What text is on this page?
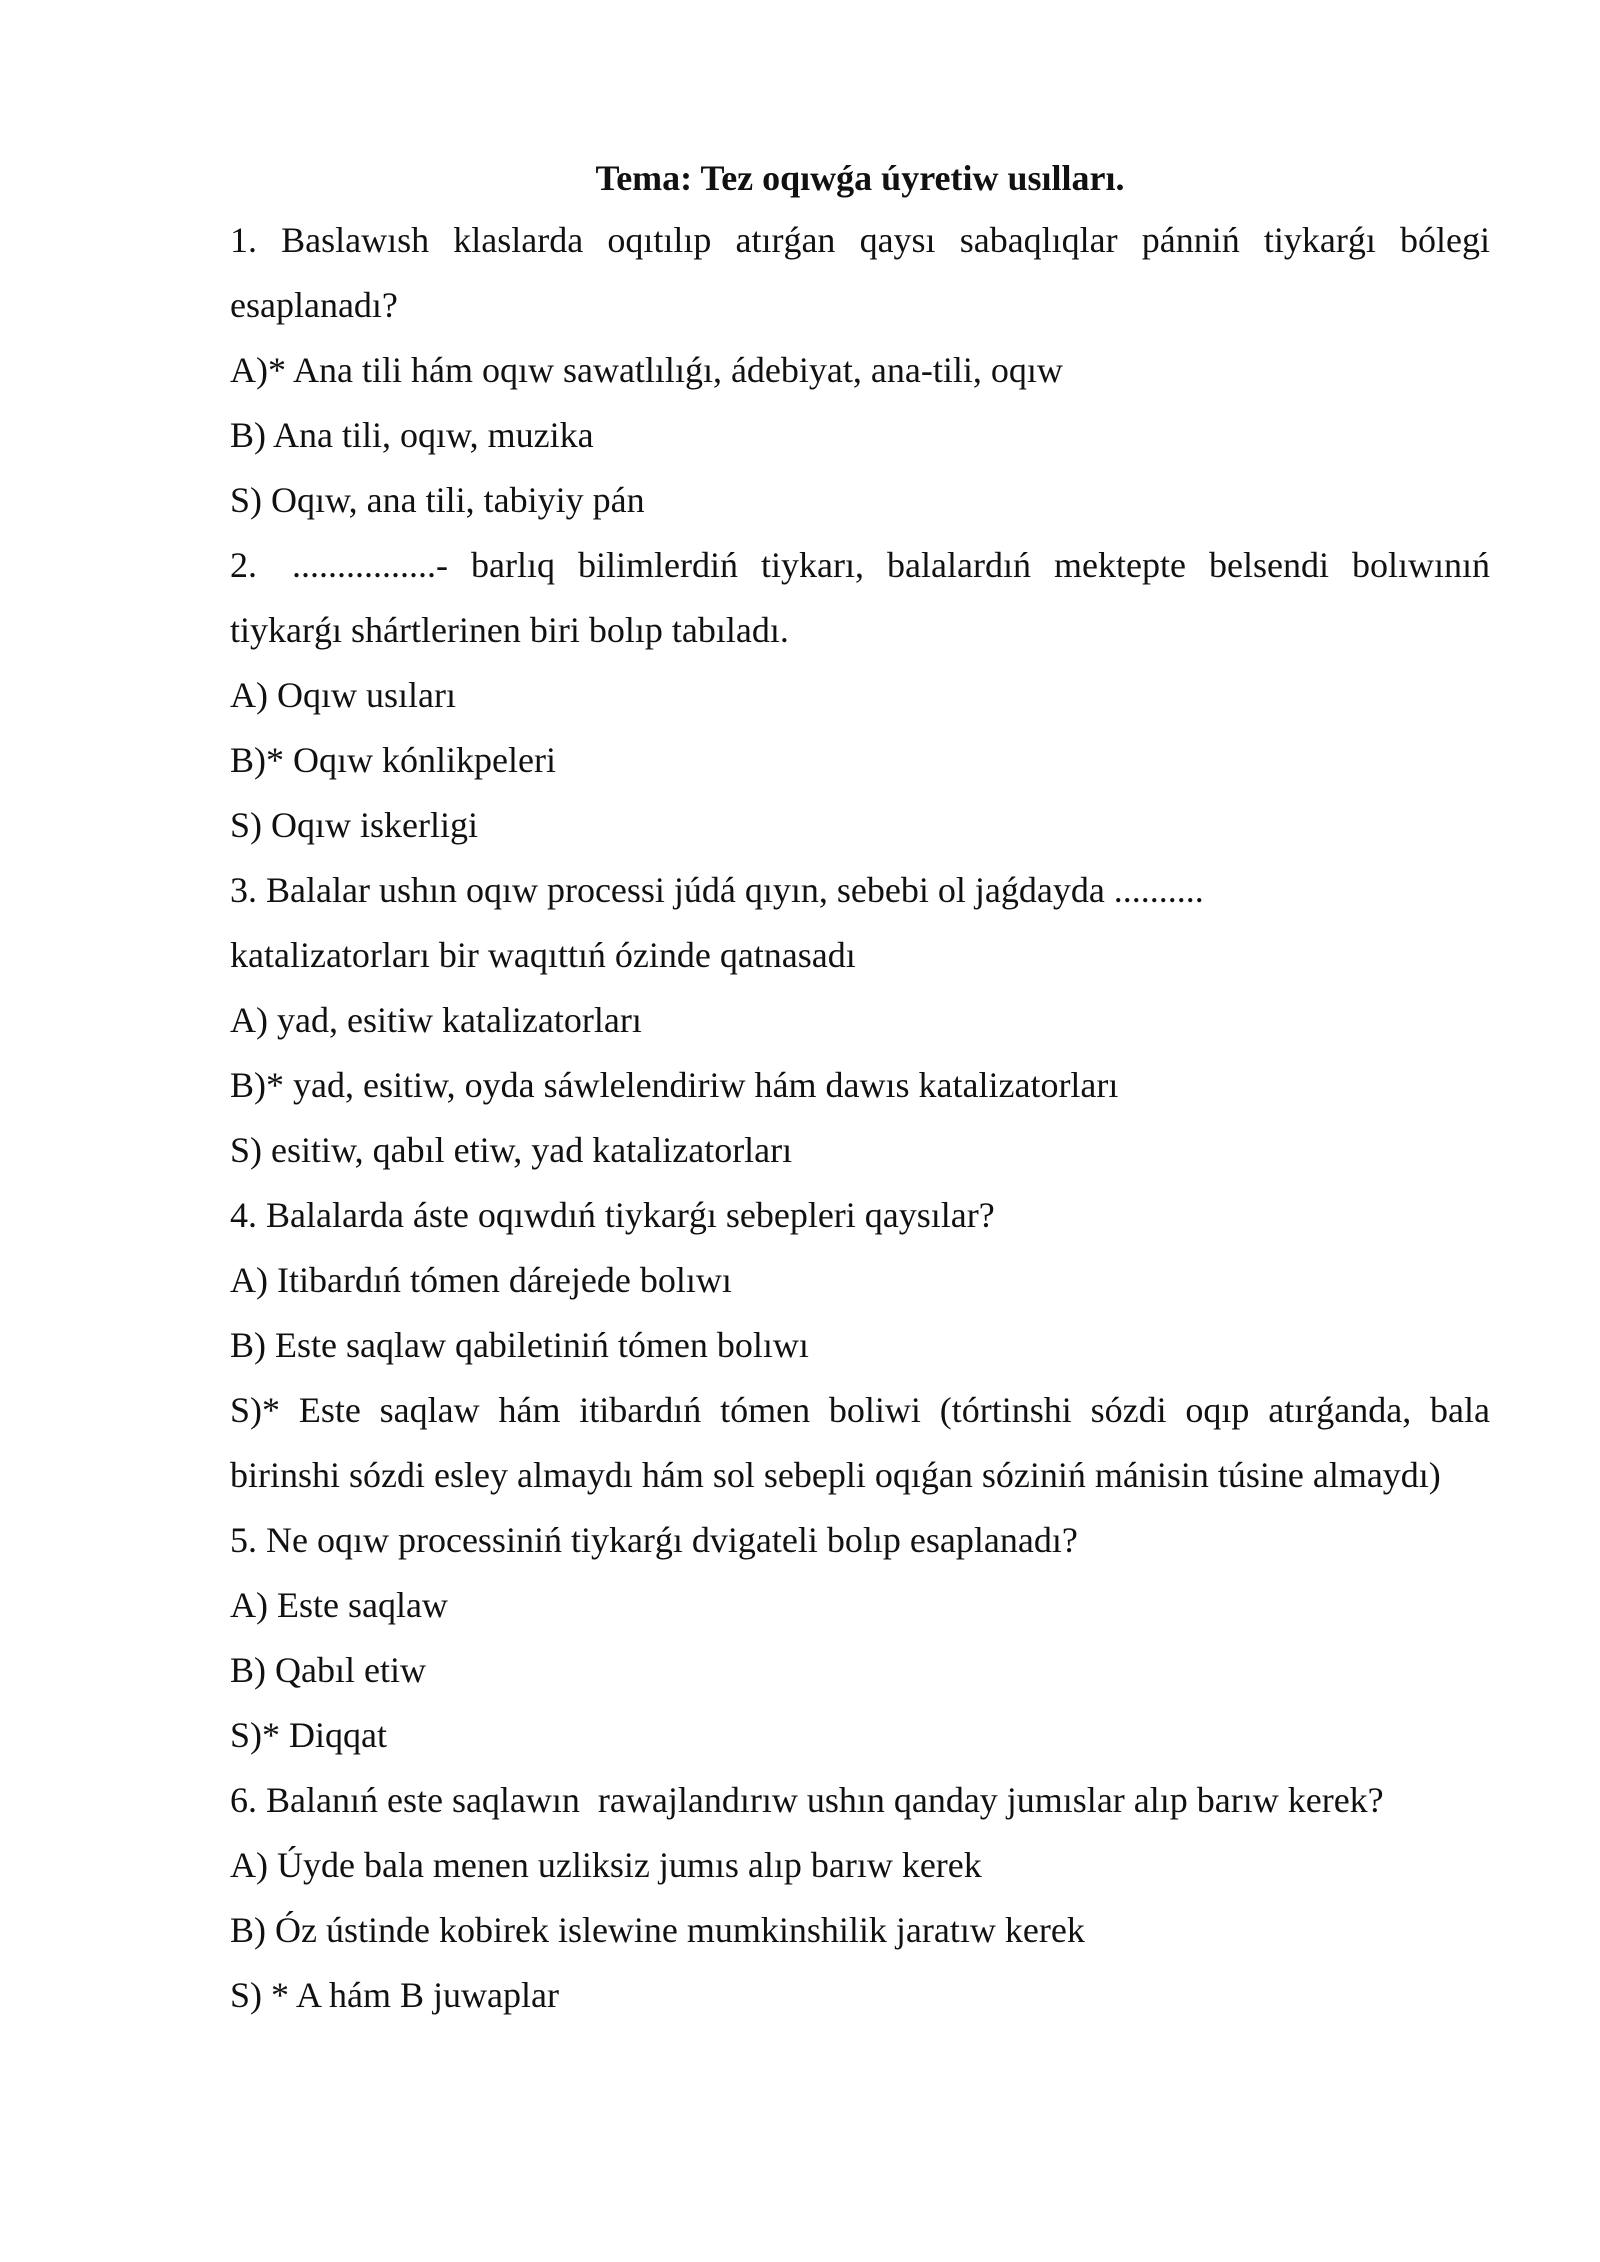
Tema: Tez oqıwǵa úyretiw usılları.

1. Baslawısh klaslarda oqıtılıp atırǵan qaysı sabaqlıqlar pánniń tiykarǵı bólegi esaplanadı?

A)* Ana tili hám oqıw sawatlılıǵı, ádebiyat, ana-tili, oqıw

B) Ana tili, oqıw, muzika

S) Oqıw, ana tili, tabiyiy pán

2. ................- barlıq bilimlerdiń tiykarı, balalardıń mektepte belsendi bolıwınıń tiykarǵı shártlerinen biri bolıp tabıladı.

A) Oqıw usıları

B)* Oqıw kónlikpeleri

S) Oqıw iskerligi

3. Balalar ushın oqıw processi júdá qıyın, sebebi ol jaǵdayda ..........

katalizatorları bir waqıttıń ózinde qatnasadı

A) yad, esitiw katalizatorları

B)* yad, esitiw, oyda sáwlelendiriw hám dawıs katalizatorları

S) esitiw, qabıl etiw, yad katalizatorları

4. Balalarda áste oqıwdıń tiykarǵı sebepleri qaysılar?

A) Itibardıń tómen dárejede bolıwı

B) Este saqlaw qabiletiniń tómen bolıwı

S)* Este saqlaw hám itibardıń tómen boliwi (tórtinshi sózdi oqıp atırǵanda, bala birinshi sózdi esley almaydı hám sol sebepli oqıǵan sóziniń mánisin túsine almaydı)

5. Ne oqıw processiniń tiykarǵı dvigateli bolıp esaplanadı?

A) Este saqlaw

B) Qabıl etiw

S)* Diqqat

6. Balanıń este saqlawın  rawajlandırıw ushın qanday jumıslar alıp barıw kerek?

A) Úyde bala menen uzliksiz jumıs alıp barıw kerek

B) Óz ústinde kobirek islewine mumkinshilik jaratıw kerek

S) * A hám B juwaplar
